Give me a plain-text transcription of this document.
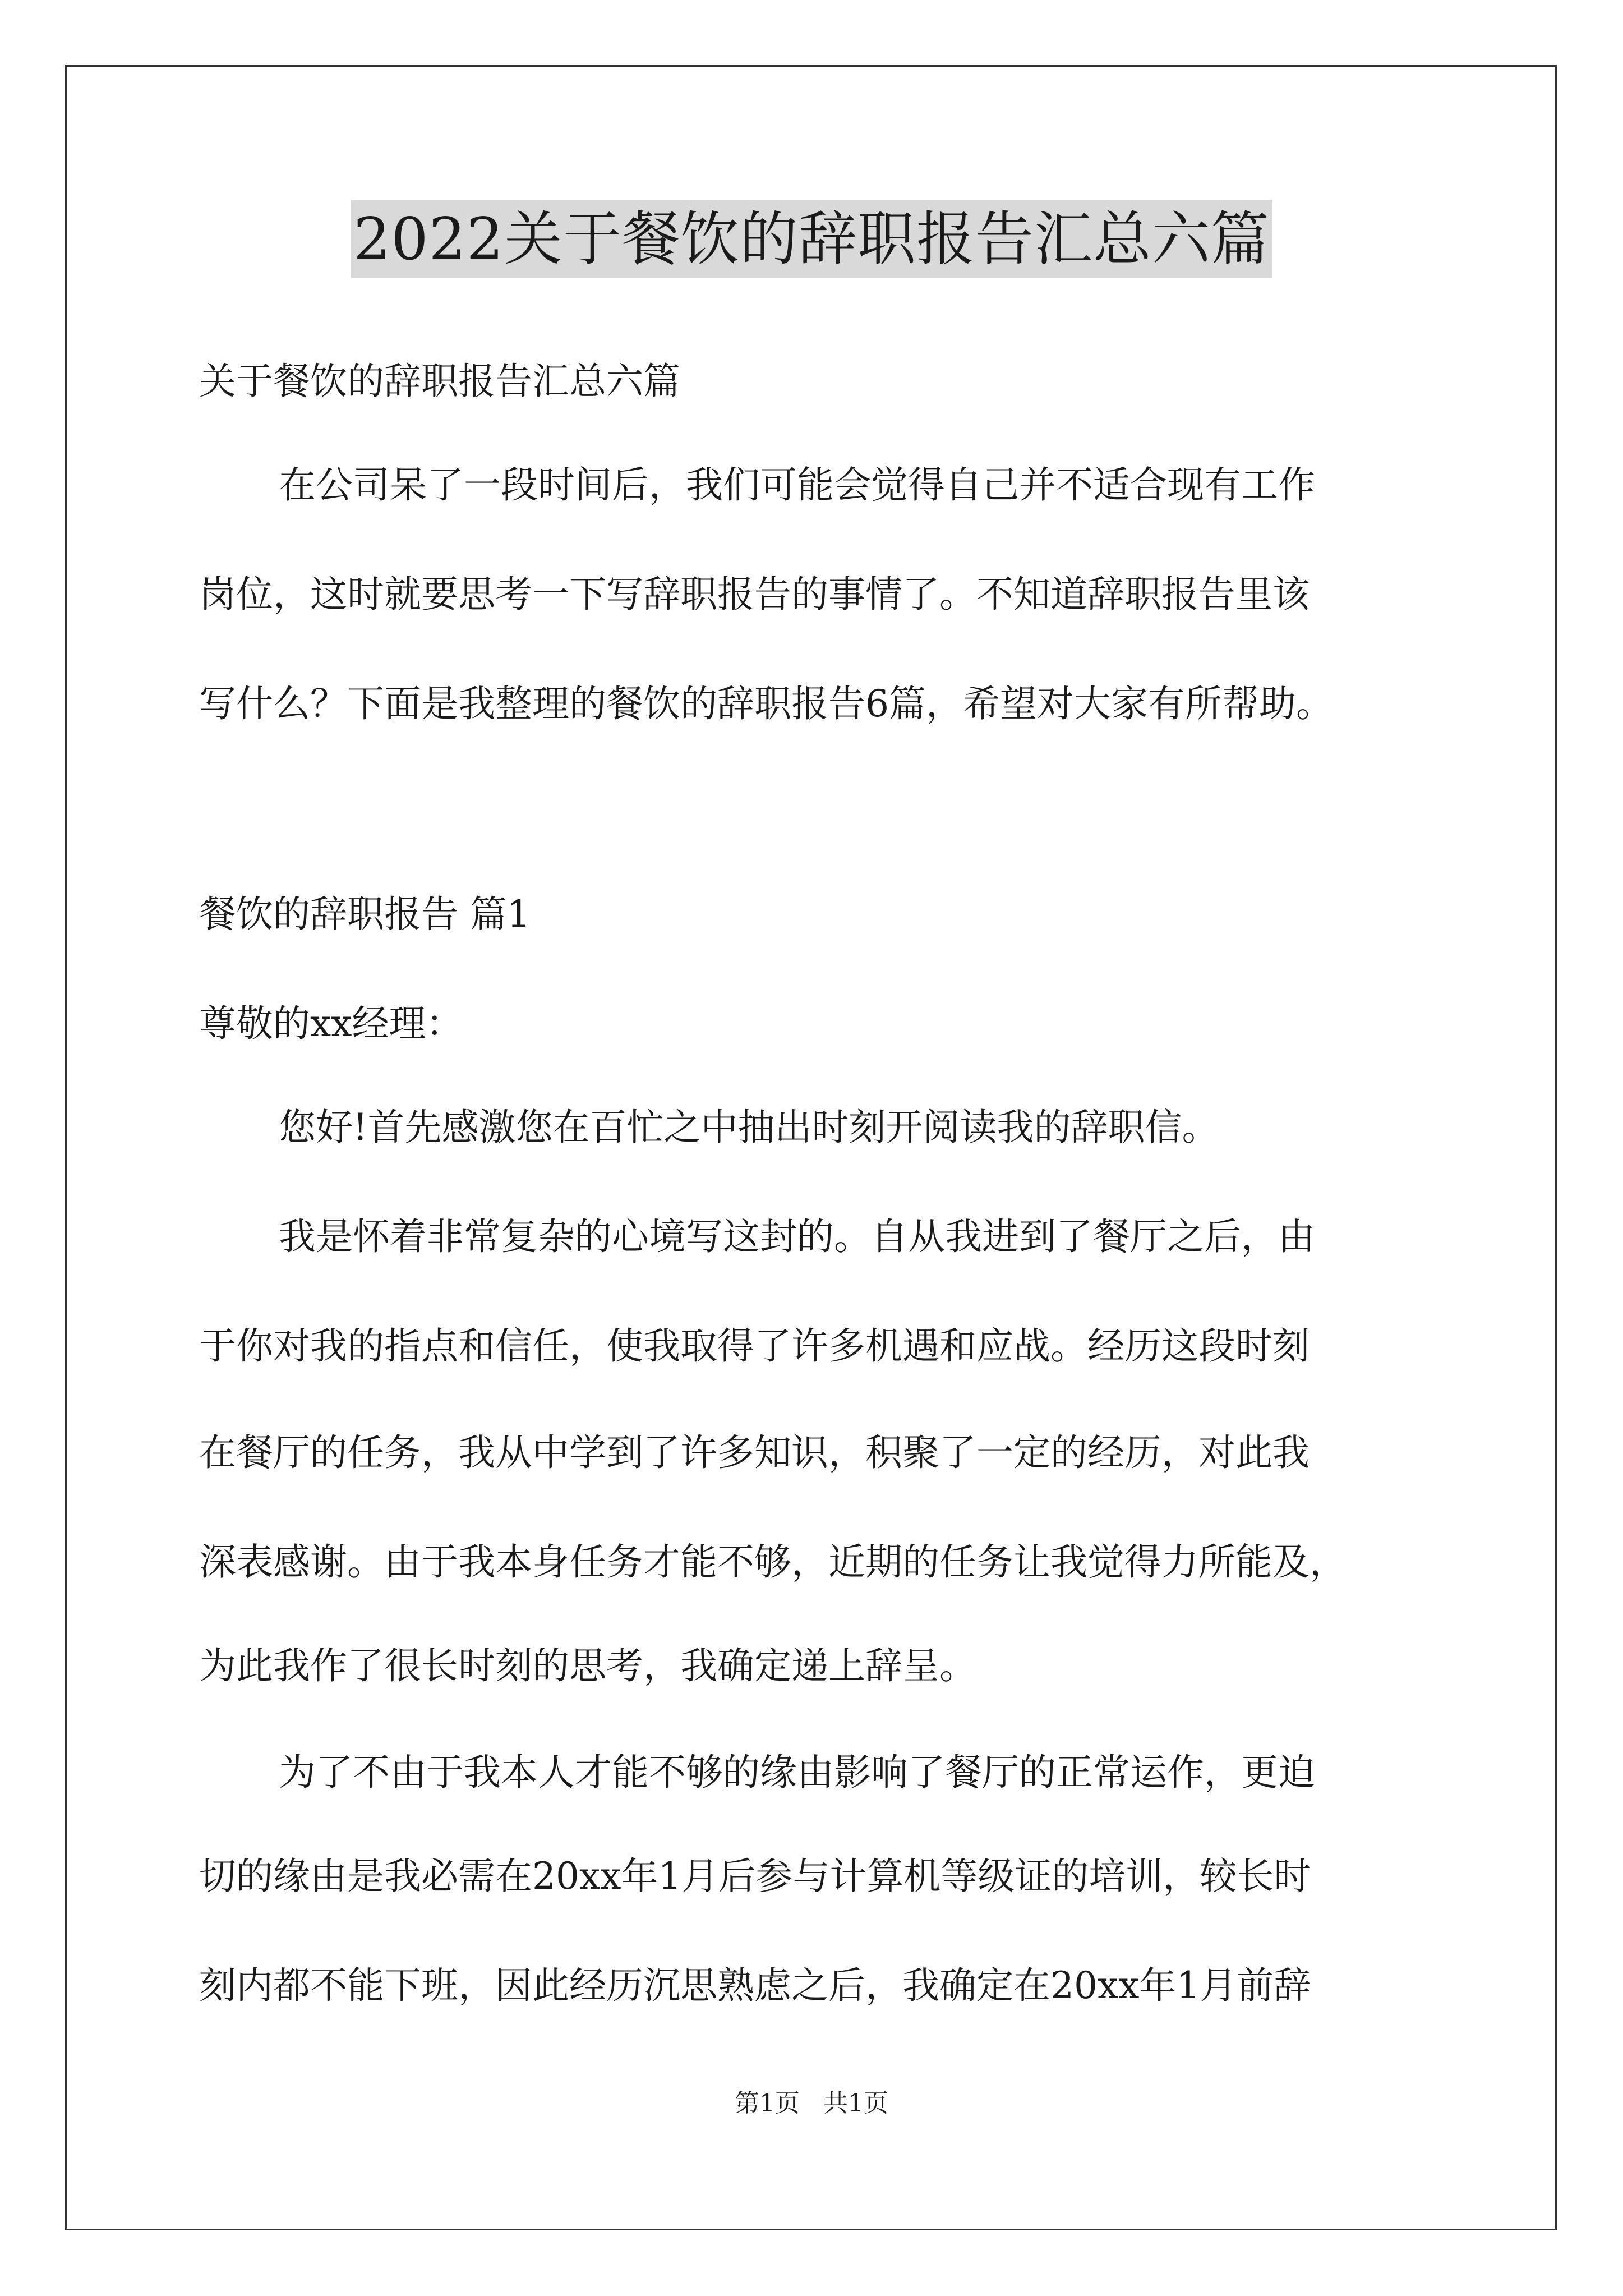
2022关于餐饮的辞职报告汇总六篇
关于餐饮的辞职报告汇总六篇
在公司呆了一段时间后，我们可能会觉得自己并不适合现有工作
岗位，这时就要思考一下写辞职报告的事情了。不知道辞职报告里该
写什么？下面是我整理的餐饮的辞职报告6篇，希望对大家有所帮助。
餐饮的辞职报告 篇1
尊敬的xx经理：
您好!首先感激您在百忙之中抽出时刻开阅读我的辞职信。
我是怀着非常复杂的心境写这封的。自从我进到了餐厅之后，由
于你对我的指点和信任，使我取得了许多机遇和应战。经历这段时刻
在餐厅的任务，我从中学到了许多知识，积聚了一定的经历，对此我
深表感谢。由于我本身任务才能不够，近期的任务让我觉得力所能及，
为此我作了很长时刻的思考，我确定递上辞呈。
为了不由于我本人才能不够的缘由影响了餐厅的正常运作，更迫
切的缘由是我必需在20xx年1月后参与计算机等级证的培训，较长时
刻内都不能下班，因此经历沉思熟虑之后，我确定在20xx年1月前辞
第1页 共1页
